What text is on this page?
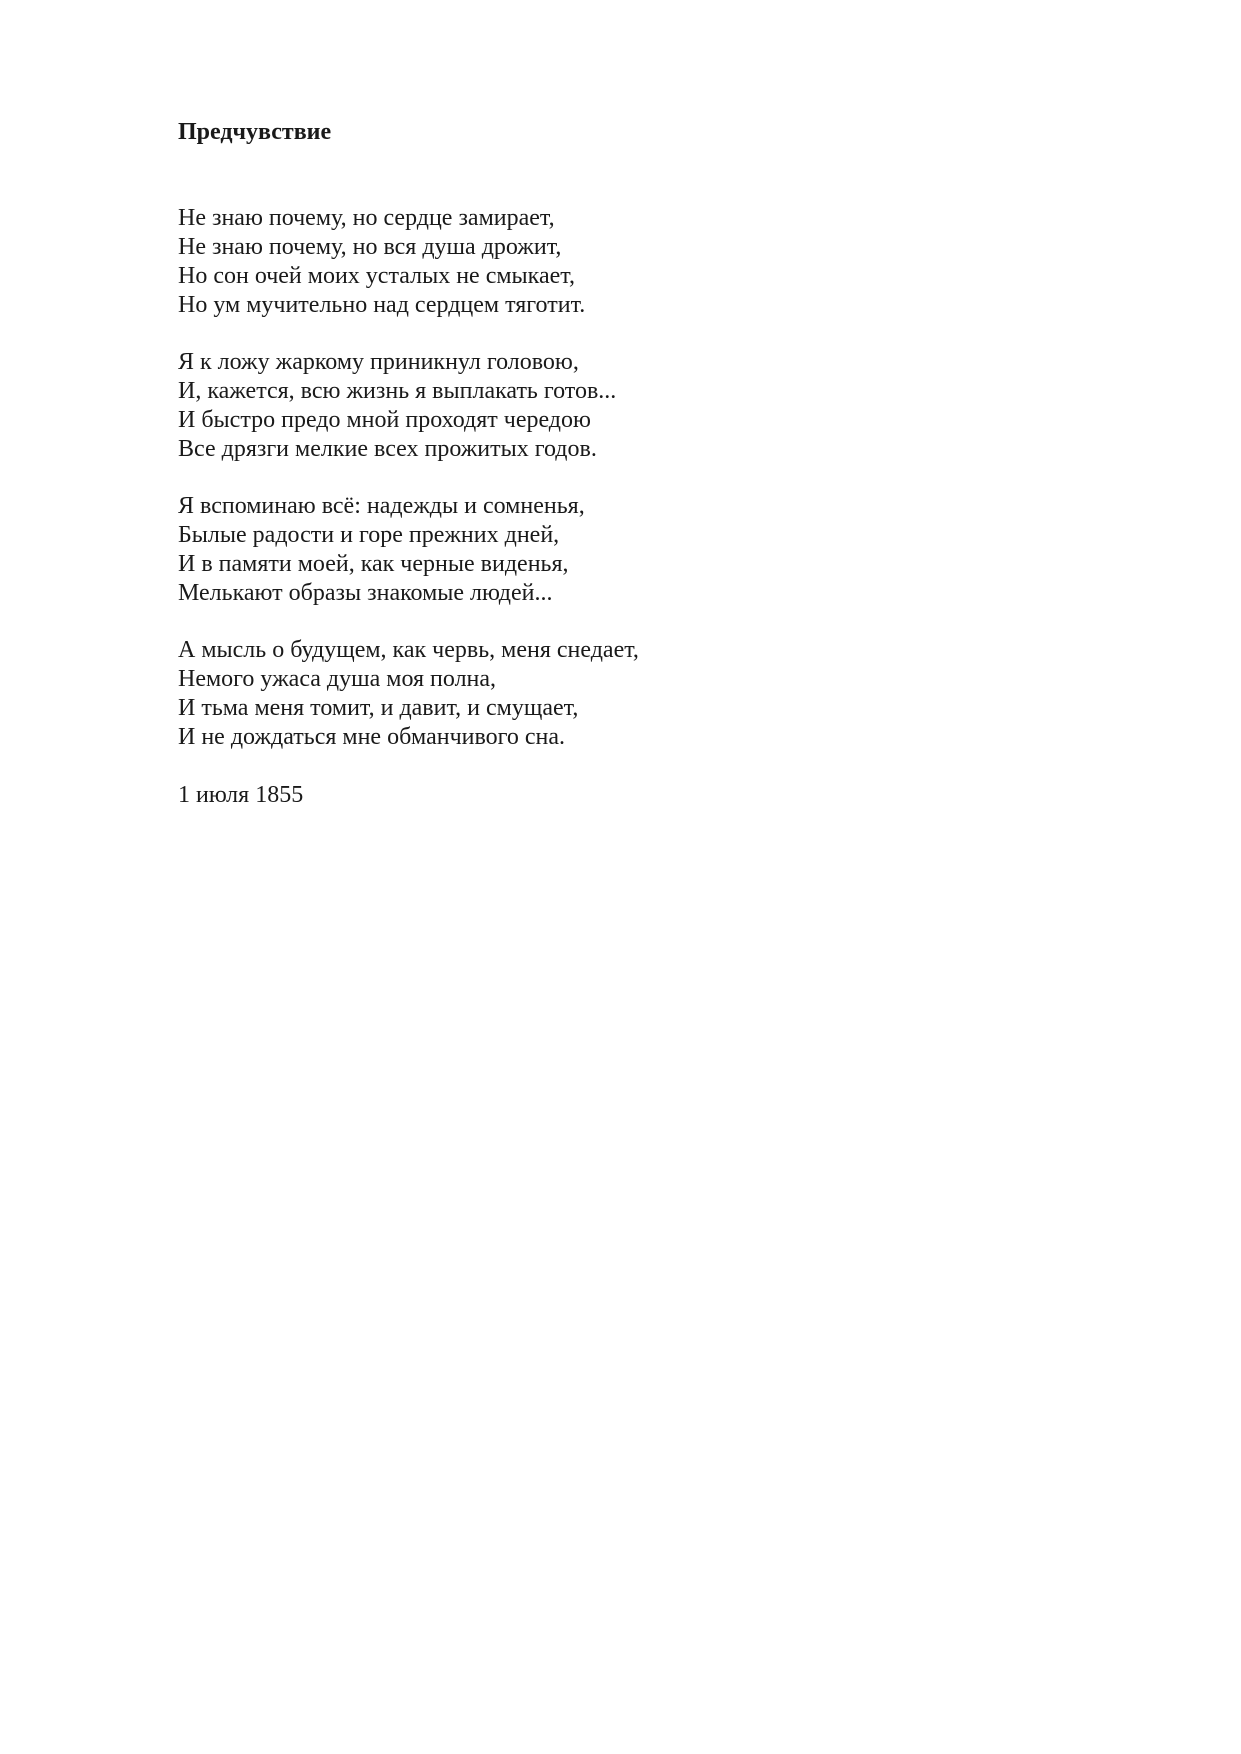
Предчувствие
Не знаю почему, но сердце замирает,
Не знаю почему, но вся душа дрожит,
Но сон очей моих усталых не смыкает,
Но ум мучительно над сердцем тяготит.
Я к ложу жаркому приникнул головою,
И, кажется, всю жизнь я выплакать готов...
И быстро предо мной проходят чередою
Все дрязги мелкие всех прожитых годов.
Я вспоминаю всё: надежды и сомненья,
Былые радости и горе прежних дней,
И в памяти моей, как черные виденья,
Мелькают образы знакомые людей...
А мысль о будущем, как червь, меня снедает,
Немого ужаса душа моя полна,
И тьма меня томит, и давит, и смущает,
И не дождаться мне обманчивого сна.

1 июля 1855
